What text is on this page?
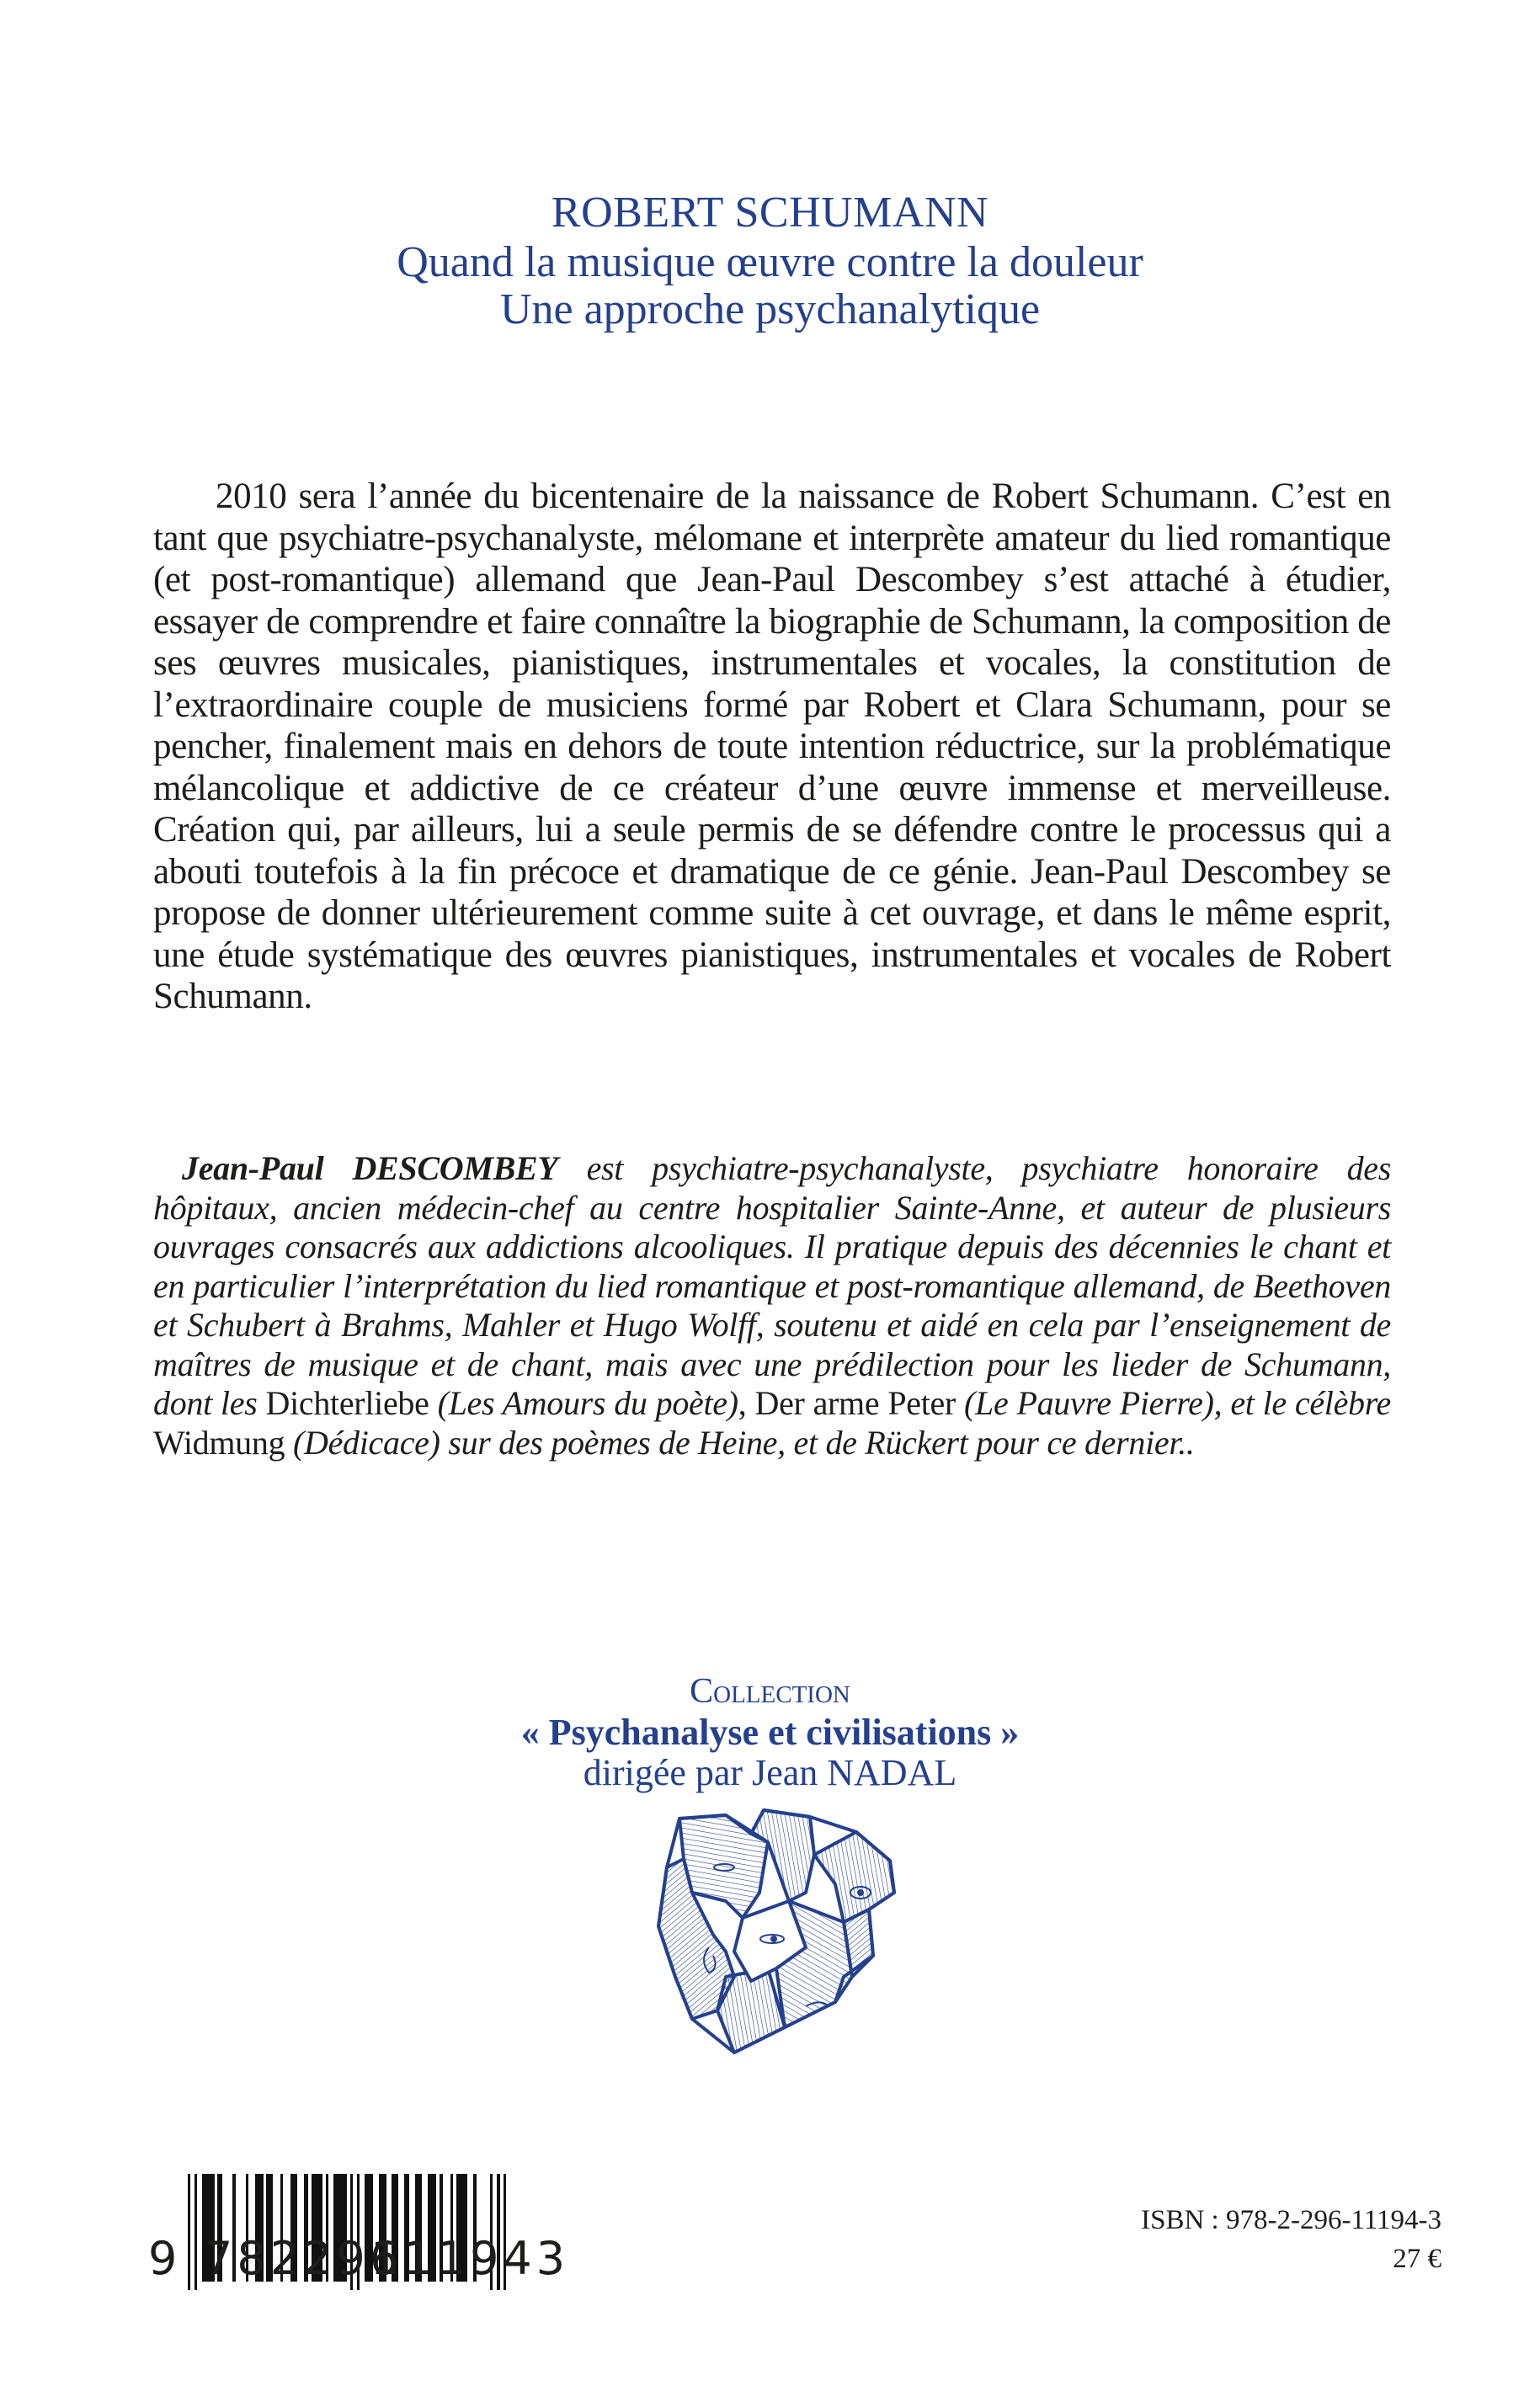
ROBERT SCHUMANN
Quand la musique œuvre contre la douleur
Une approche psychanalytique

2010 sera l’année du bicentenaire de la naissance de Robert Schumann. C’est en tant que psychiatre-psychanalyste, mélomane et interprète amateur du lied romantique (et post-romantique) allemand que Jean-Paul Descombey s’est attaché à étudier, essayer de comprendre et faire connaître la biographie de Schumann, la composition de ses œuvres musicales, pianistiques, instrumentales et vocales, la constitution de l’extraordinaire couple de musiciens formé par Robert et Clara Schumann, pour se pencher, finalement mais en dehors de toute intention réductrice, sur la problématique mélancolique et addictive de ce créateur d’une œuvre immense et merveilleuse. Création qui, par ailleurs, lui a seule permis de se défendre contre le processus qui a abouti toutefois à la fin précoce et dramatique de ce génie. Jean-Paul Descombey se propose de donner ultérieurement comme suite à cet ouvrage, et dans le même esprit, une étude systématique des œuvres pianistiques, instrumentales et vocales de Robert Schumann.

Jean-Paul DESCOMBEY est psychiatre-psychanalyste, psychiatre honoraire des hôpitaux, ancien médecin-chef au centre hospitalier Sainte-Anne, et auteur de plusieurs ouvrages consacrés aux addictions alcooliques. Il pratique depuis des décennies le chant et en particulier l’interprétation du lied romantique et post-romantique allemand, de Beethoven et Schubert à Brahms, Mahler et Hugo Wolff, soutenu et aidé en cela par l’enseignement de maîtres de musique et de chant, mais avec une prédilection pour les lieder de Schumann, dont les Dichterliebe (Les Amours du poète), Der arme Peter (Le Pauvre Pierre), et le célèbre Widmung (Dédicace) sur des poèmes de Heine, et de Rückert pour ce dernier..

Collection
« Psychanalyse et civilisations »
dirigée par Jean NADAL
9 782296
111943
ISBN : 978-2-296-11194-3
27 €
